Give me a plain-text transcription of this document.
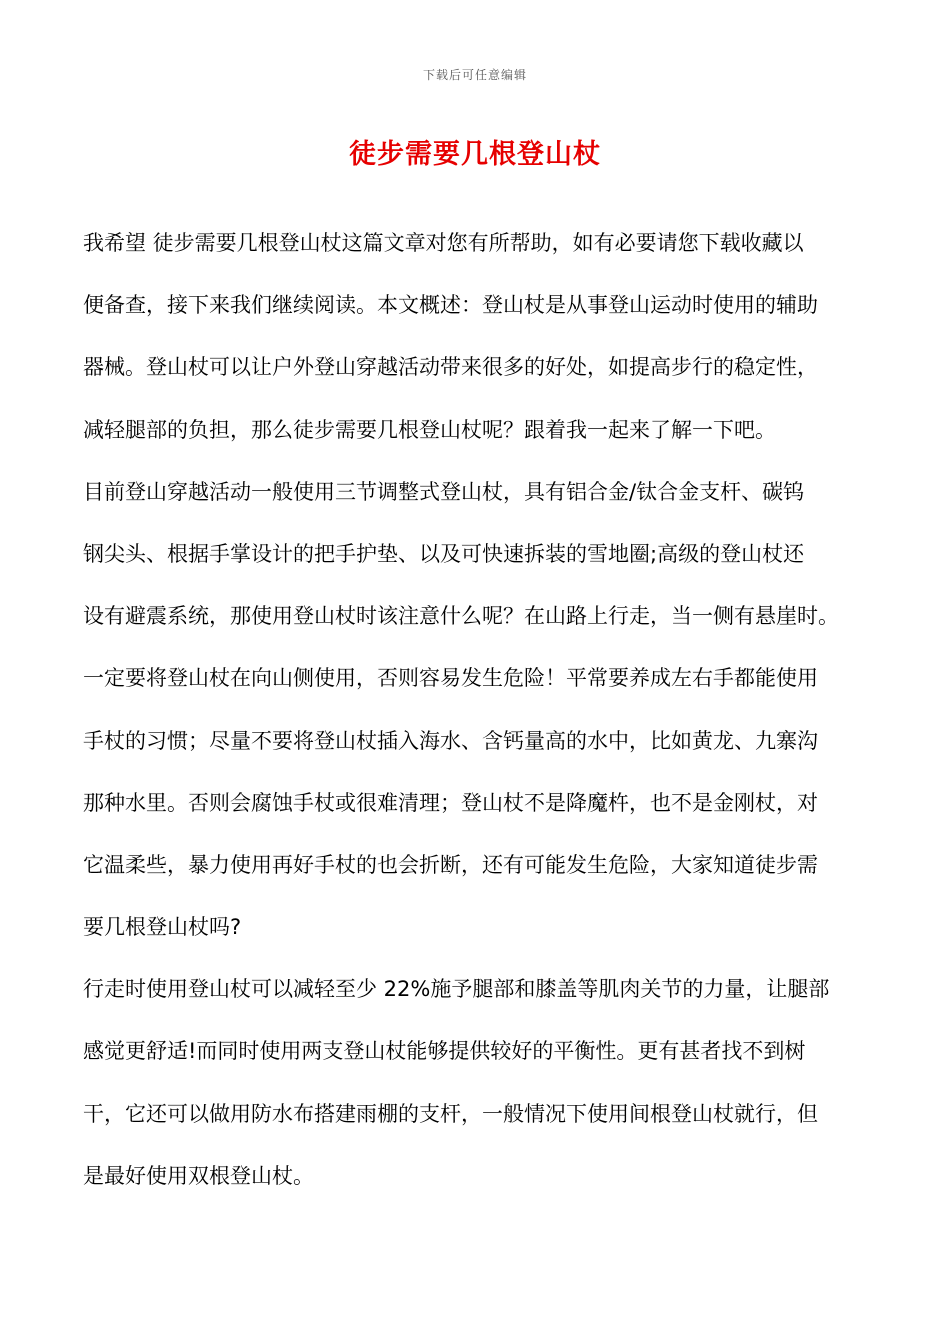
下载后可任意编辑
徒步需要几根登山杖
我希望 徒步需要几根登山杖这篇文章对您有所帮助，如有必要请您下载收藏以
便备查，接下来我们继续阅读。本文概述：登山杖是从事登山运动时使用的辅助
器械。登山杖可以让户外登山穿越活动带来很多的好处，如提高步行的稳定性，
减轻腿部的负担，那么徒步需要几根登山杖呢？跟着我一起来了解一下吧。
目前登山穿越活动一般使用三节调整式登山杖，具有铝合金/钛合金支杆、碳钨
钢尖头、根据手掌设计的把手护垫、以及可快速拆装的雪地圈;高级的登山杖还
设有避震系统，那使用登山杖时该注意什么呢？在山路上行走，当一侧有悬崖时。
一定要将登山杖在向山侧使用，否则容易发生危险！平常要养成左右手都能使用
手杖的习惯；尽量不要将登山杖插入海水、含钙量高的水中，比如黄龙、九寨沟
那种水里。否则会腐蚀手杖或很难清理；登山杖不是降魔杵，也不是金刚杖，对
它温柔些，暴力使用再好手杖的也会折断，还有可能发生危险，大家知道徒步需
要几根登山杖吗?
行走时使用登山杖可以减轻至少 22%施予腿部和膝盖等肌肉关节的力量，让腿部
感觉更舒适!而同时使用两支登山杖能够提供较好的平衡性。更有甚者找不到树
干，它还可以做用防水布搭建雨棚的支杆，一般情况下使用间根登山杖就行，但
是最好使用双根登山杖。
